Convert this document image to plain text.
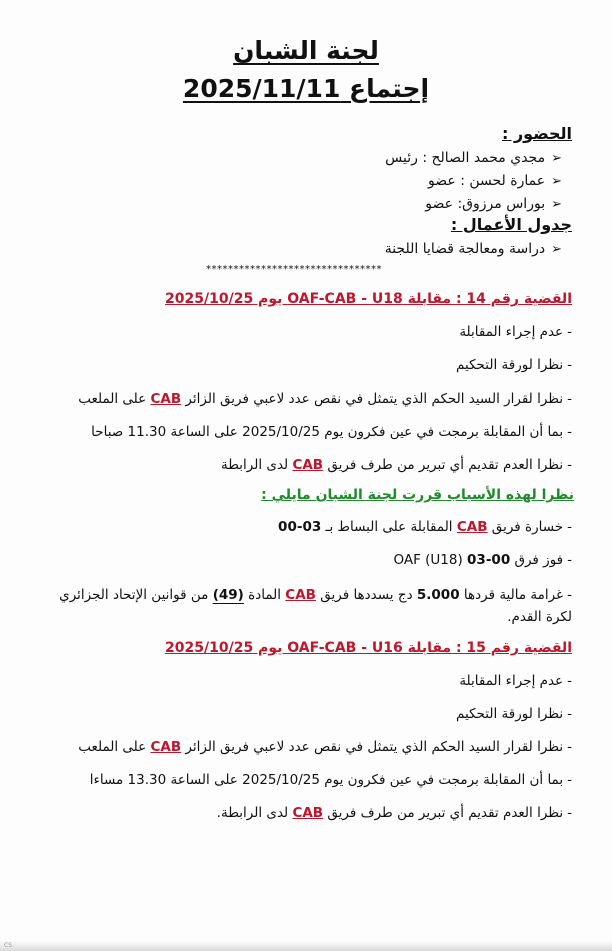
لجنة الشبان
إجتماع 2025/11/11
الحضور :
➢مجدي محمد الصالح : رئيس
➢عمارة لحسن : عضو
➢بوراس مرزوق: عضو
جدول الأعمال :
➢دراسة ومعالجة قضايا اللجنة
********************************
القضية رقم 14 : مقابلة OAF-CAB - U18 يوم 2025/10/25
-عدم إجراء المقابلة
-نظرا لورقة التحكيم
-نظرا لقرار السيد الحكم الذي يتمثل في نقص عدد لاعبي فريق الزائر CAB على الملعب
-بما أن المقابلة برمجت في عين فكرون يوم 2025/10/25 على الساعة 11.30 صباحا
-نظرا العدم تقديم أي تبرير من طرف فريق CAB لدى الرابطة
نظرا لهذه الأسباب قررت لجنة الشبان مايلي :
-خسارة فريق CAB المقابلة على البساط بـ 03-00
-فوز فرق OAF (U18) 03-00
-غرامة مالية قردها 5.000 دج يسددها فريق CAB المادة (49) من قوانين الإتحاد الجزائري لكرة القدم.
القضية رقم 15 : مقابلة OAF-CAB - U16 يوم 2025/10/25
-عدم إجراء المقابلة
-نظرا لورقة التحكيم
-نظرا لقرار السيد الحكم الذي يتمثل في نقص عدد لاعبي فريق الزائر CAB على الملعب
-بما أن المقابلة برمجت في عين فكرون يوم 2025/10/25 على الساعة 13.30 مساءا
-نظرا العدم تقديم أي تبرير من طرف فريق CAB لدى الرابطة.
CS
